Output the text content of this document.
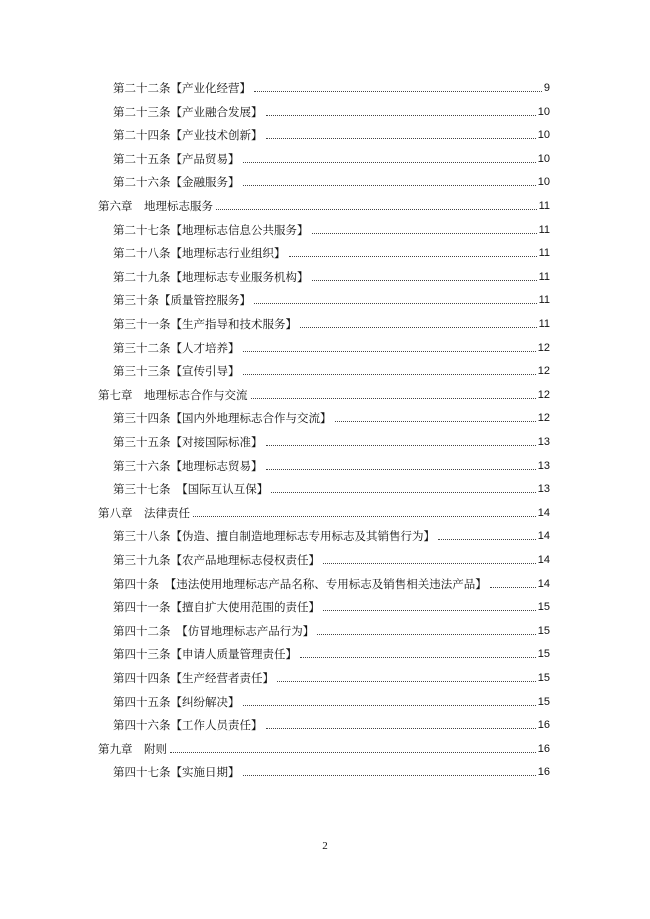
第二十二条【产业化经营】	9
第二十三条【产业融合发展】	10
第二十四条【产业技术创新】	10
第二十五条【产品贸易】	10
第二十六条【金融服务】	10
第六章　地理标志服务	11
第二十七条【地理标志信息公共服务】	11
第二十八条【地理标志行业组织】	11
第二十九条【地理标志专业服务机构】	11
第三十条【质量管控服务】	11
第三十一条【生产指导和技术服务】	11
第三十二条【人才培养】	12
第三十三条【宣传引导】	12
第七章　地理标志合作与交流	12
第三十四条【国内外地理标志合作与交流】	12
第三十五条【对接国际标准】	13
第三十六条【地理标志贸易】	13
第三十七条　【国际互认互保】	13
第八章　法律责任	14
第三十八条【伪造、擅自制造地理标志专用标志及其销售行为】	14
第三十九条【农产品地理标志侵权责任】	14
第四十条　【违法使用地理标志产品名称、专用标志及销售相关违法产品】	14
第四十一条【擅自扩大使用范围的责任】	15
第四十二条　【仿冒地理标志产品行为】	15
第四十三条【申请人质量管理责任】	15
第四十四条【生产经营者责任】	15
第四十五条【纠纷解决】	15
第四十六条【工作人员责任】	16
第九章　附则	16
第四十七条【实施日期】	16
2
